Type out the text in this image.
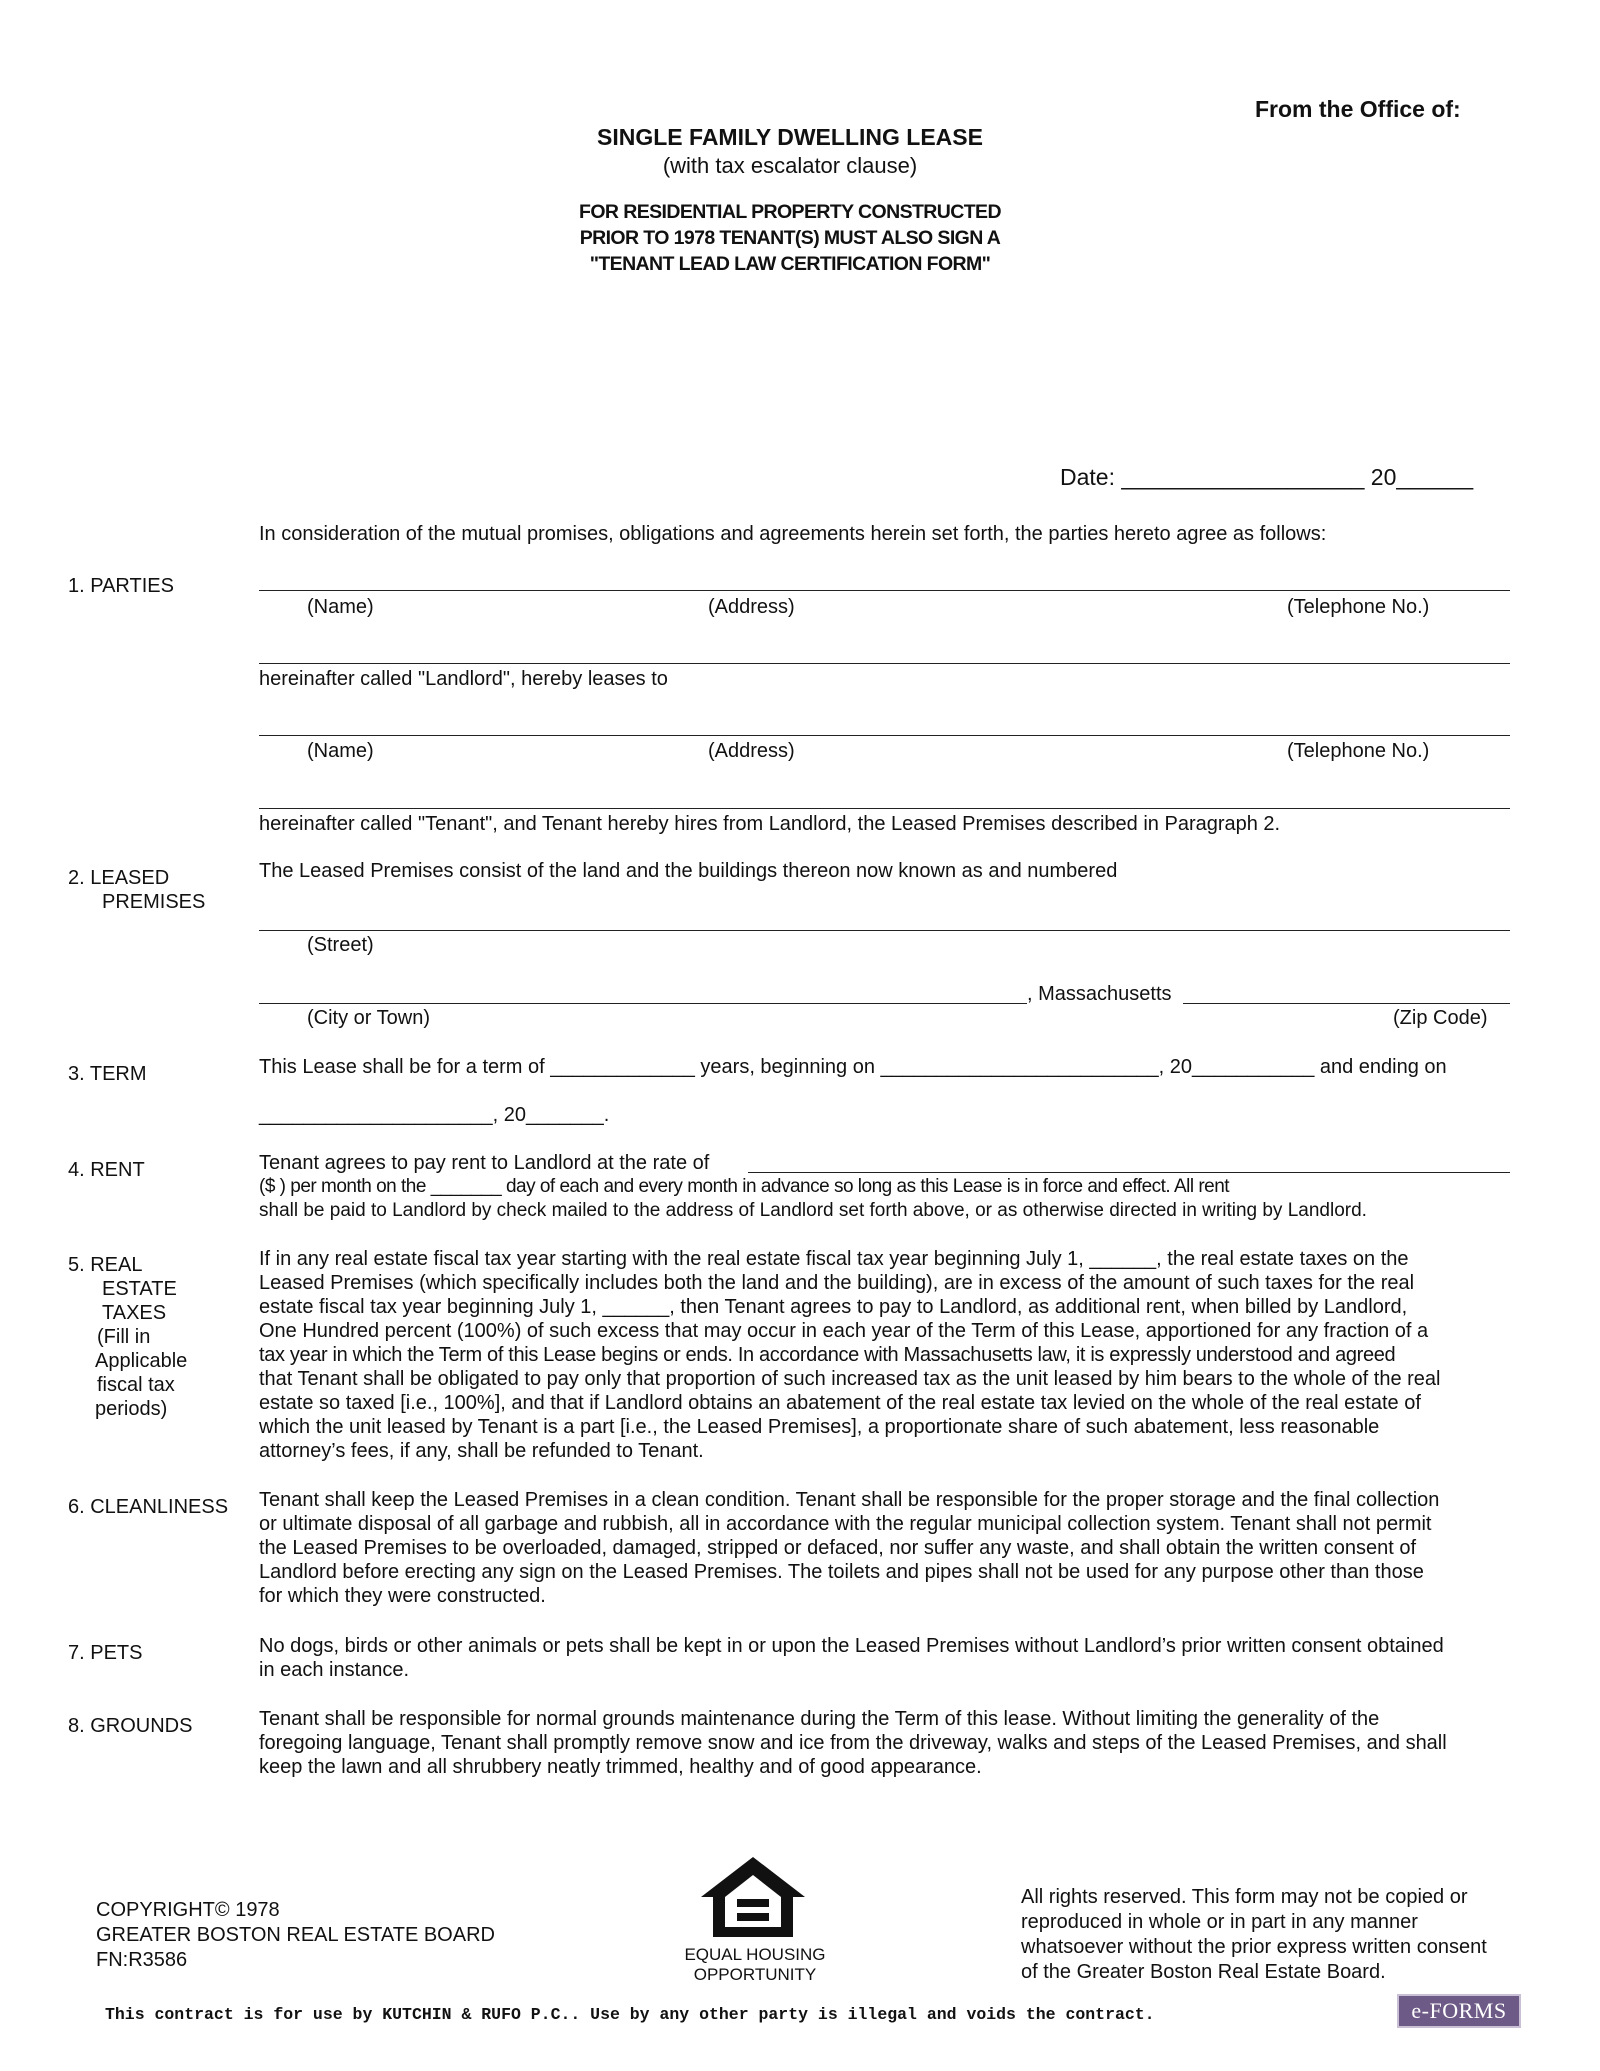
From the Office of:
SINGLE FAMILY DWELLING LEASE
(with tax escalator clause)
FOR RESIDENTIAL PROPERTY CONSTRUCTED
PRIOR TO 1978 TENANT(S) MUST ALSO SIGN A
"TENANT LEAD LAW CERTIFICATION FORM"
Date: ___________________ 20______
In consideration of the mutual promises, obligations and agreements herein set forth, the parties hereto agree as follows:
1. PARTIES
(Name)	(Address)	(Telephone No.)
hereinafter called "Landlord", hereby leases to
(Name)	(Address)	(Telephone No.)
hereinafter called "Tenant", and Tenant hereby hires from Landlord, the Leased Premises described in Paragraph 2.
2. LEASED
PREMISES
The Leased Premises consist of the land and the buildings thereon now known as and numbered
(Street)
, Massachusetts
(City or Town)	(Zip Code)
3. TERM	This Lease shall be for a term of _____________ years, beginning on _________________________, 20___________ and ending on
_____________________, 20_______.
4. RENT	Tenant agrees to pay rent to Landlord at the rate of
($ ) per month on the _______ day of each and every month in advance so long as this Lease is in force and effect. All rent
shall be paid to Landlord by check mailed to the address of Landlord set forth above, or as otherwise directed in writing by Landlord.
5. REAL
ESTATE
TAXES
(Fill in
Applicable
fiscal tax
periods)
If in any real estate fiscal tax year starting with the real estate fiscal tax year beginning July 1, ______, the real estate taxes on the
Leased Premises (which specifically includes both the land and the building), are in excess of the amount of such taxes for the real
estate fiscal tax year beginning July 1, ______, then Tenant agrees to pay to Landlord, as additional rent, when billed by Landlord,
One Hundred percent (100%) of such excess that may occur in each year of the Term of this Lease, apportioned for any fraction of a
tax year in which the Term of this Lease begins or ends. In accordance with Massachusetts law, it is expressly understood and agreed
that Tenant shall be obligated to pay only that proportion of such increased tax as the unit leased by him bears to the whole of the real
estate so taxed [i.e., 100%], and that if Landlord obtains an abatement of the real estate tax levied on the whole of the real estate of
which the unit leased by Tenant is a part [i.e., the Leased Premises], a proportionate share of such abatement, less reasonable
attorney’s fees, if any, shall be refunded to Tenant.
6. CLEANLINESS Tenant shall keep the Leased Premises in a clean condition. Tenant shall be responsible for the proper storage and the final collection
or ultimate disposal of all garbage and rubbish, all in accordance with the regular municipal collection system. Tenant shall not permit
the Leased Premises to be overloaded, damaged, stripped or defaced, nor suffer any waste, and shall obtain the written consent of
Landlord before erecting any sign on the Leased Premises. The toilets and pipes shall not be used for any purpose other than those
for which they were constructed.
7. PETS	No dogs, birds or other animals or pets shall be kept in or upon the Leased Premises without Landlord’s prior written consent obtained
in each instance.
8. GROUNDS	Tenant shall be responsible for normal grounds maintenance during the Term of this lease. Without limiting the generality of the
foregoing language, Tenant shall promptly remove snow and ice from the driveway, walks and steps of the Leased Premises, and shall
keep the lawn and all shrubbery neatly trimmed, healthy and of good appearance.
COPYRIGHT© 1978
GREATER BOSTON REAL ESTATE BOARD
FN:R3586	EQUAL HOUSING
OPPORTUNITY
All rights reserved. This form may not be copied or
reproduced in whole or in part in any manner
whatsoever without the prior express written consent
of the Greater Boston Real Estate Board.
This contract is for use by KUTCHIN & RUFO P.C.. Use by any other party is illegal and voids the contract.	e-FORMS
